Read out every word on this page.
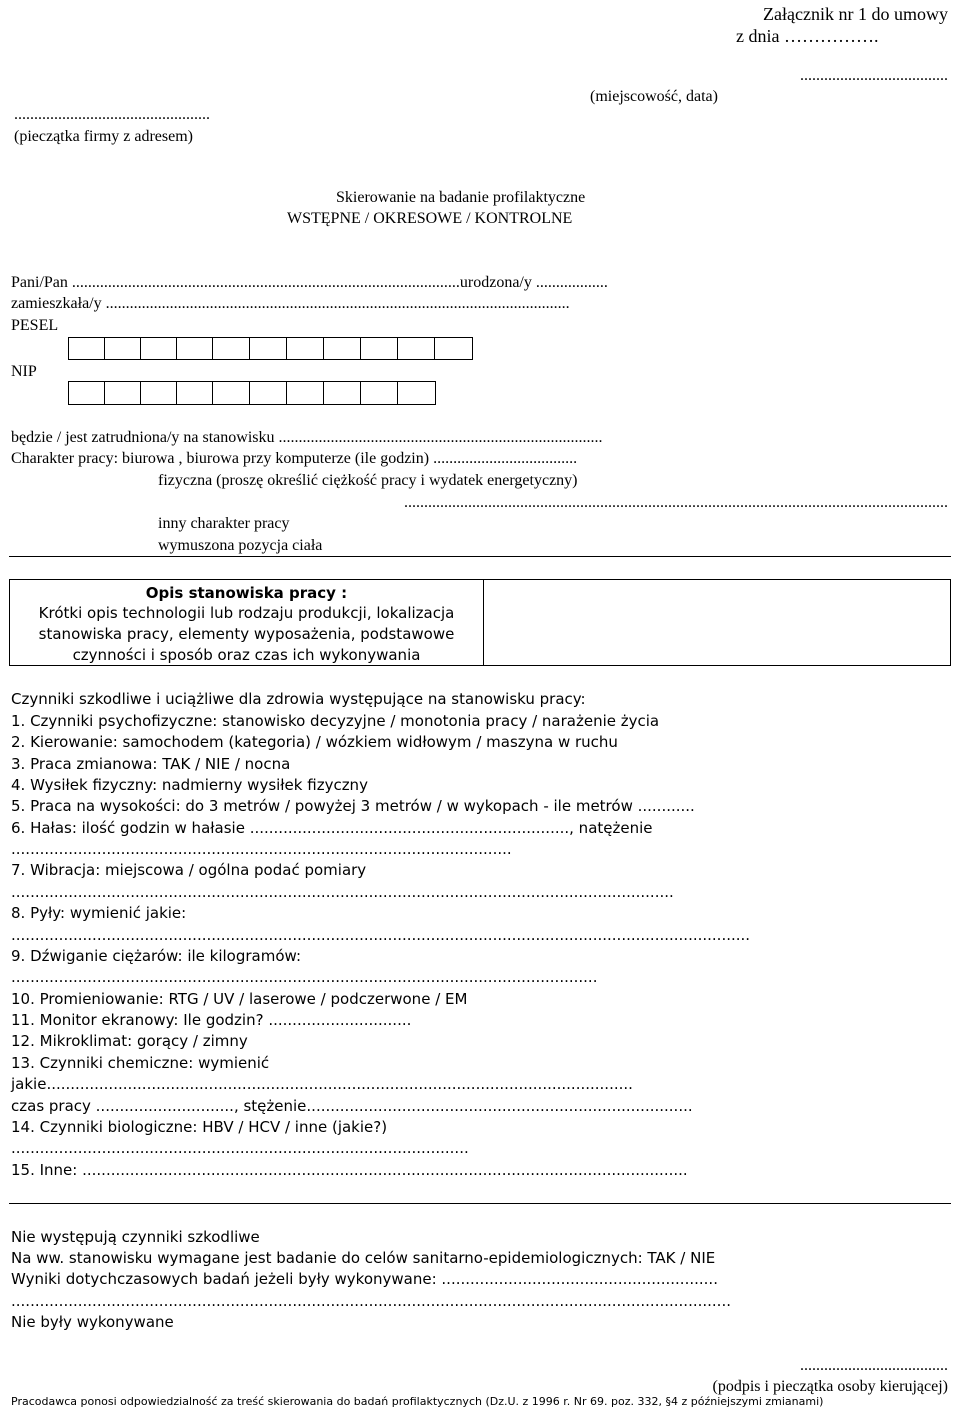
Załącznik nr 1 do umowy
z dnia …………….
.....................................
(miejscowość, data)
.................................................
(pieczątka firmy z adresem)
Skierowanie na badanie profilaktyczne
WSTĘPNE / OKRESOWE / KONTROLNE
Pani/Pan .................................................................................................urodzona/y ..................
zamieszkała/y ....................................................................................................................
PESEL
NIP
będzie / jest zatrudniona/y na stanowisku .................................................................................
Charakter pracy: biurowa , biurowa przy komputerze (ile godzin) ....................................
fizyczna (proszę określić ciężkość pracy i wydatek energetyczny)
........................................................................................................................................
inny charakter pracy
wymuszona pozycja ciała
Opis stanowiska pracy :
Krótki opis technologii lub rodzaju produkcji, lokalizacja
stanowiska pracy, elementy wyposażenia, podstawowe
czynności i sposób oraz czas ich wykonywania
Czynniki szkodliwe i uciążliwe dla zdrowia występujące na stanowisku pracy:
1. Czynniki psychofizyczne: stanowisko decyzyjne / monotonia pracy / narażenie życia
2. Kierowanie: samochodem (kategoria) / wózkiem widłowym / maszyna w ruchu
3. Praca zmianowa: TAK / NIE / nocna
4. Wysiłek fizyczny: nadmierny wysiłek fizyczny
5. Praca na wysokości: do 3 metrów / powyżej 3 metrów / w wykopach - ile metrów ............
6. Hałas: ilość godzin w hałasie ..................................................................., natężenie
.........................................................................................................
7. Wibracja: miejscowa / ogólna podać pomiary
...........................................................................................................................................
8. Pyły: wymienić jakie:
...........................................................................................................................................................
9. Dźwiganie ciężarów: ile kilogramów:
...........................................................................................................................
10. Promieniowanie: RTG / UV / laserowe / podczerwone / EM
11. Monitor ekranowy: Ile godzin? ..............................
12. Mikroklimat: gorący / zimny
13. Czynniki chemiczne: wymienić
jakie...........................................................................................................................
czas pracy ............................., stężenie.................................................................................
14. Czynniki biologiczne: HBV / HCV / inne (jakie?)
................................................................................................
15. Inne: ...............................................................................................................................
Nie występują czynniki szkodliwe
Na ww. stanowisku wymagane jest badanie do celów sanitarno-epidemiologicznych: TAK / NIE
Wyniki dotychczasowych badań jeżeli były wykonywane: ..........................................................
.......................................................................................................................................................
Nie były wykonywane
.....................................
(podpis i pieczątka osoby kierującej)
Pracodawca ponosi odpowiedzialność za treść skierowania do badań profilaktycznych (Dz.U. z 1996 r. Nr 69. poz. 332, §4 z późniejszymi zmianami)
